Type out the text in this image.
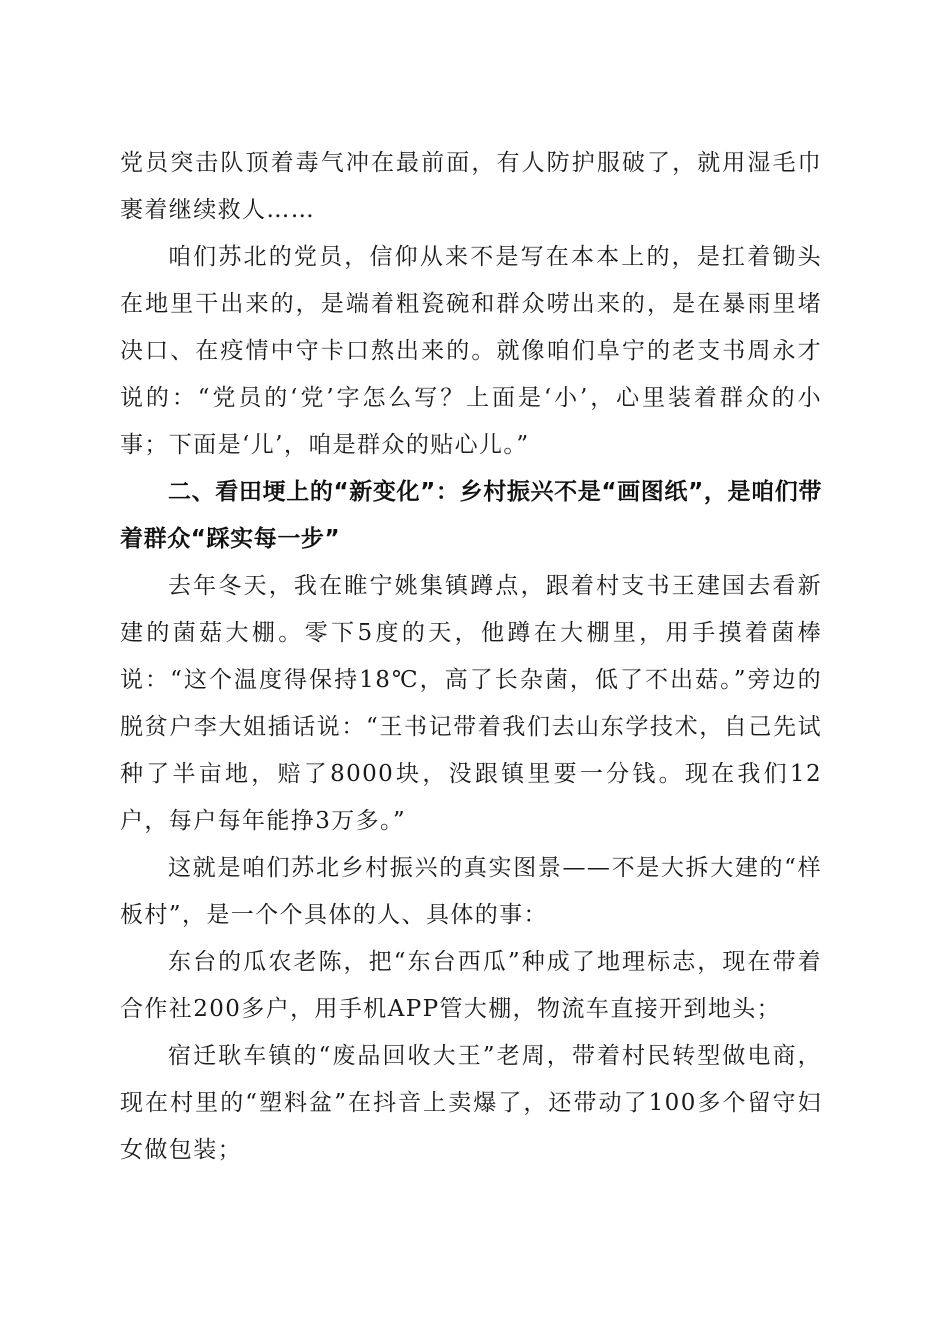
党员突击队顶着毒气冲在最前面，有人防护服破了，就用湿毛巾裹着继续救人……

咱们苏北的党员，信仰从来不是写在本本上的，是扛着锄头在地里干出来的，是端着粗瓷碗和群众唠出来的，是在暴雨里堵决口、在疫情中守卡口熬出来的。就像咱们阜宁的老支书周永才说的：“党员的‘党’字怎么写？上面是‘小’，心里装着群众的小事；下面是‘儿’，咱是群众的贴心儿。”

二、看田埂上的“新变化”：乡村振兴不是“画图纸”，是咱们带着群众“踩实每一步”

去年冬天，我在睢宁姚集镇蹲点，跟着村支书王建国去看新建的菌菇大棚。零下5度的天，他蹲在大棚里，用手摸着菌棒说：“这个温度得保持18℃，高了长杂菌，低了不出菇。”旁边的脱贫户李大姐插话说：“王书记带着我们去山东学技术，自己先试种了半亩地，赔了8000块，没跟镇里要一分钱。现在我们12户，每户每年能挣3万多。”

这就是咱们苏北乡村振兴的真实图景——不是大拆大建的“样板村”，是一个个具体的人、具体的事：

东台的瓜农老陈，把“东台西瓜”种成了地理标志，现在带着合作社200多户，用手机APP管大棚，物流车直接开到地头；

宿迁耿车镇的“废品回收大王”老周，带着村民转型做电商，现在村里的“塑料盆”在抖音上卖爆了，还带动了100多个留守妇女做包装；
